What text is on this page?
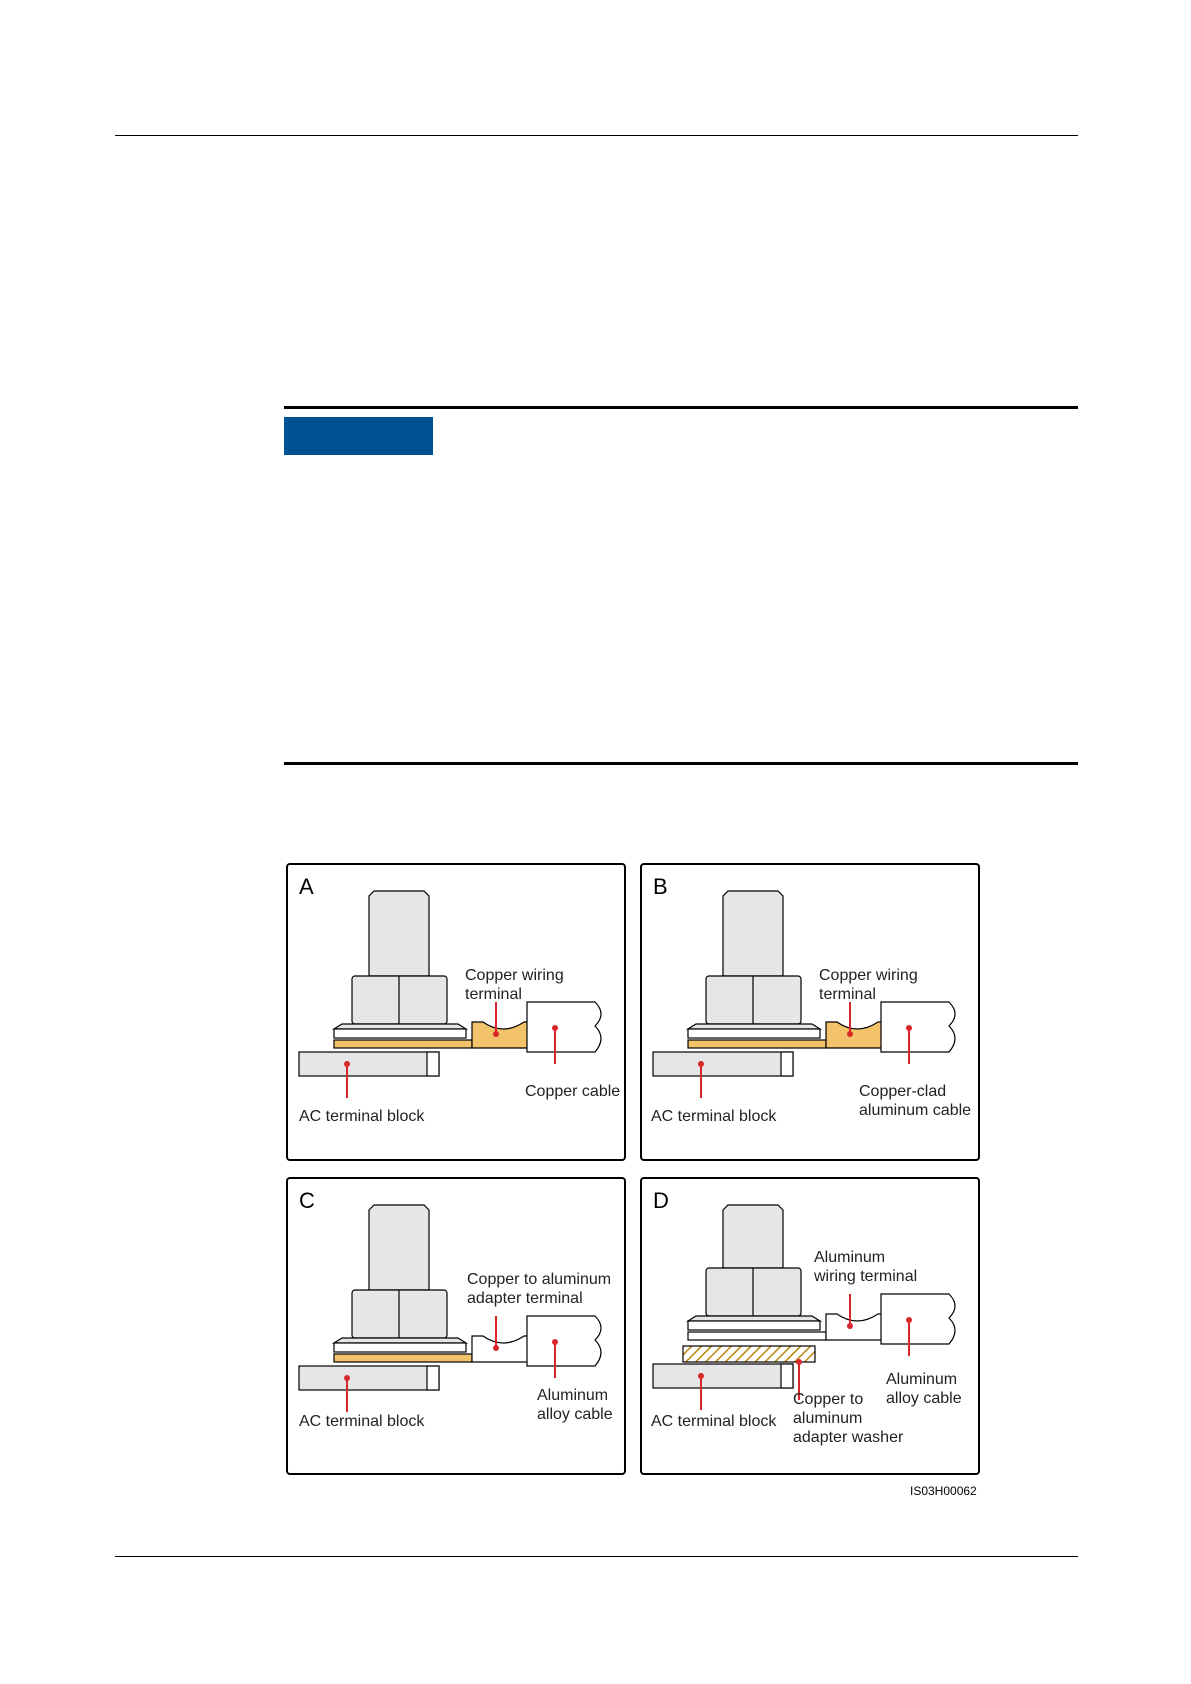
A
Copper wiring
terminal
Copper cable
AC terminal block
B
Copper wiring
terminal
Copper-clad
aluminum cable
AC terminal block
C
Copper to aluminum
adapter terminal
Aluminum
alloy cable
AC terminal block
D
Aluminum
wiring terminal
Aluminum
alloy cable
AC terminal block
Copper to
aluminum
adapter washer
IS03H00062
